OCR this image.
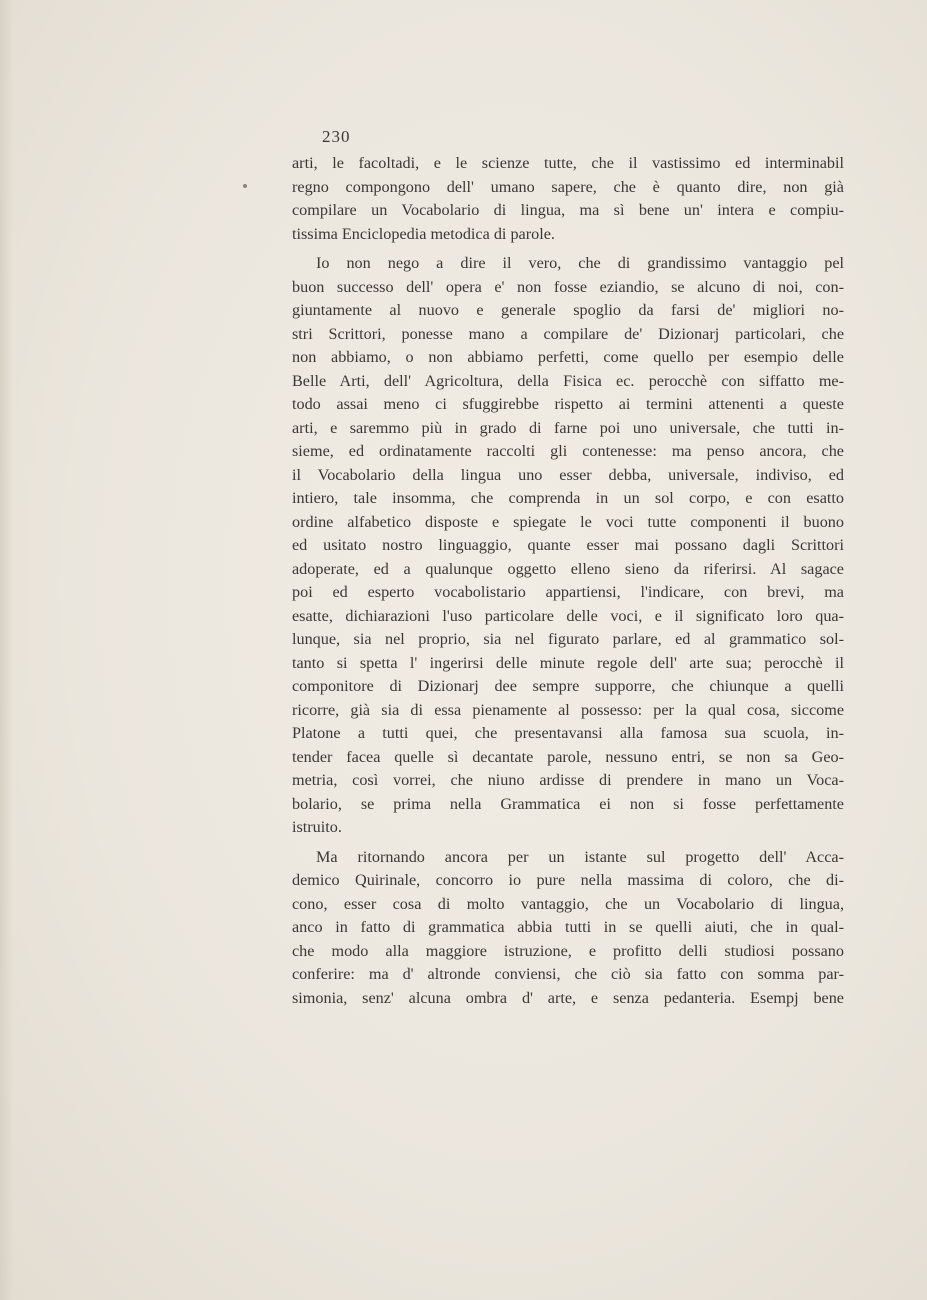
230
arti, le facoltadi, e le scienze tutte, che il vastissimo ed interminabil
regno compongono dell' umano sapere, che è quanto dire, non già
compilare un Vocabolario di lingua, ma sì bene un' intera e compiu-
tissima Enciclopedia metodica di parole.
Io non nego a dire il vero, che di grandissimo vantaggio pel
buon successo dell' opera e' non fosse eziandio, se alcuno di noi, con-
giuntamente al nuovo e generale spoglio da farsi de' migliori no-
stri Scrittori, ponesse mano a compilare de' Dizionarj particolari, che
non abbiamo, o non abbiamo perfetti, come quello per esempio delle
Belle Arti, dell' Agricoltura, della Fisica ec. perocchè con siffatto me-
todo assai meno ci sfuggirebbe rispetto ai termini attenenti a queste
arti, e saremmo più in grado di farne poi uno universale, che tutti in-
sieme, ed ordinatamente raccolti gli contenesse: ma penso ancora, che
il Vocabolario della lingua uno esser debba, universale, indiviso, ed
intiero, tale insomma, che comprenda in un sol corpo, e con esatto
ordine alfabetico disposte e spiegate le voci tutte componenti il buono
ed usitato nostro linguaggio, quante esser mai possano dagli Scrittori
adoperate, ed a qualunque oggetto elleno sieno da riferirsi. Al sagace
poi ed esperto vocabolistario appartiensi, l'indicare, con brevi, ma
esatte, dichiarazioni l'uso particolare delle voci, e il significato loro qua-
lunque, sia nel proprio, sia nel figurato parlare, ed al grammatico sol-
tanto si spetta l' ingerirsi delle minute regole dell' arte sua; perocchè il
componitore di Dizionarj dee sempre supporre, che chiunque a quelli
ricorre, già sia di essa pienamente al possesso: per la qual cosa, siccome
Platone a tutti quei, che presentavansi alla famosa sua scuola, in-
tender facea quelle sì decantate parole, nessuno entri, se non sa Geo-
metria, così vorrei, che niuno ardisse di prendere in mano un Voca-
bolario, se prima nella Grammatica ei non si fosse perfettamente
istruito.
Ma ritornando ancora per un istante sul progetto dell' Acca-
demico Quirinale, concorro io pure nella massima di coloro, che di-
cono, esser cosa di molto vantaggio, che un Vocabolario di lingua,
anco in fatto di grammatica abbia tutti in se quelli aiuti, che in qual-
che modo alla maggiore istruzione, e profitto delli studiosi possano
conferire: ma d' altronde conviensi, che ciò sia fatto con somma par-
simonia, senz' alcuna ombra d' arte, e senza pedanteria. Esempj bene
